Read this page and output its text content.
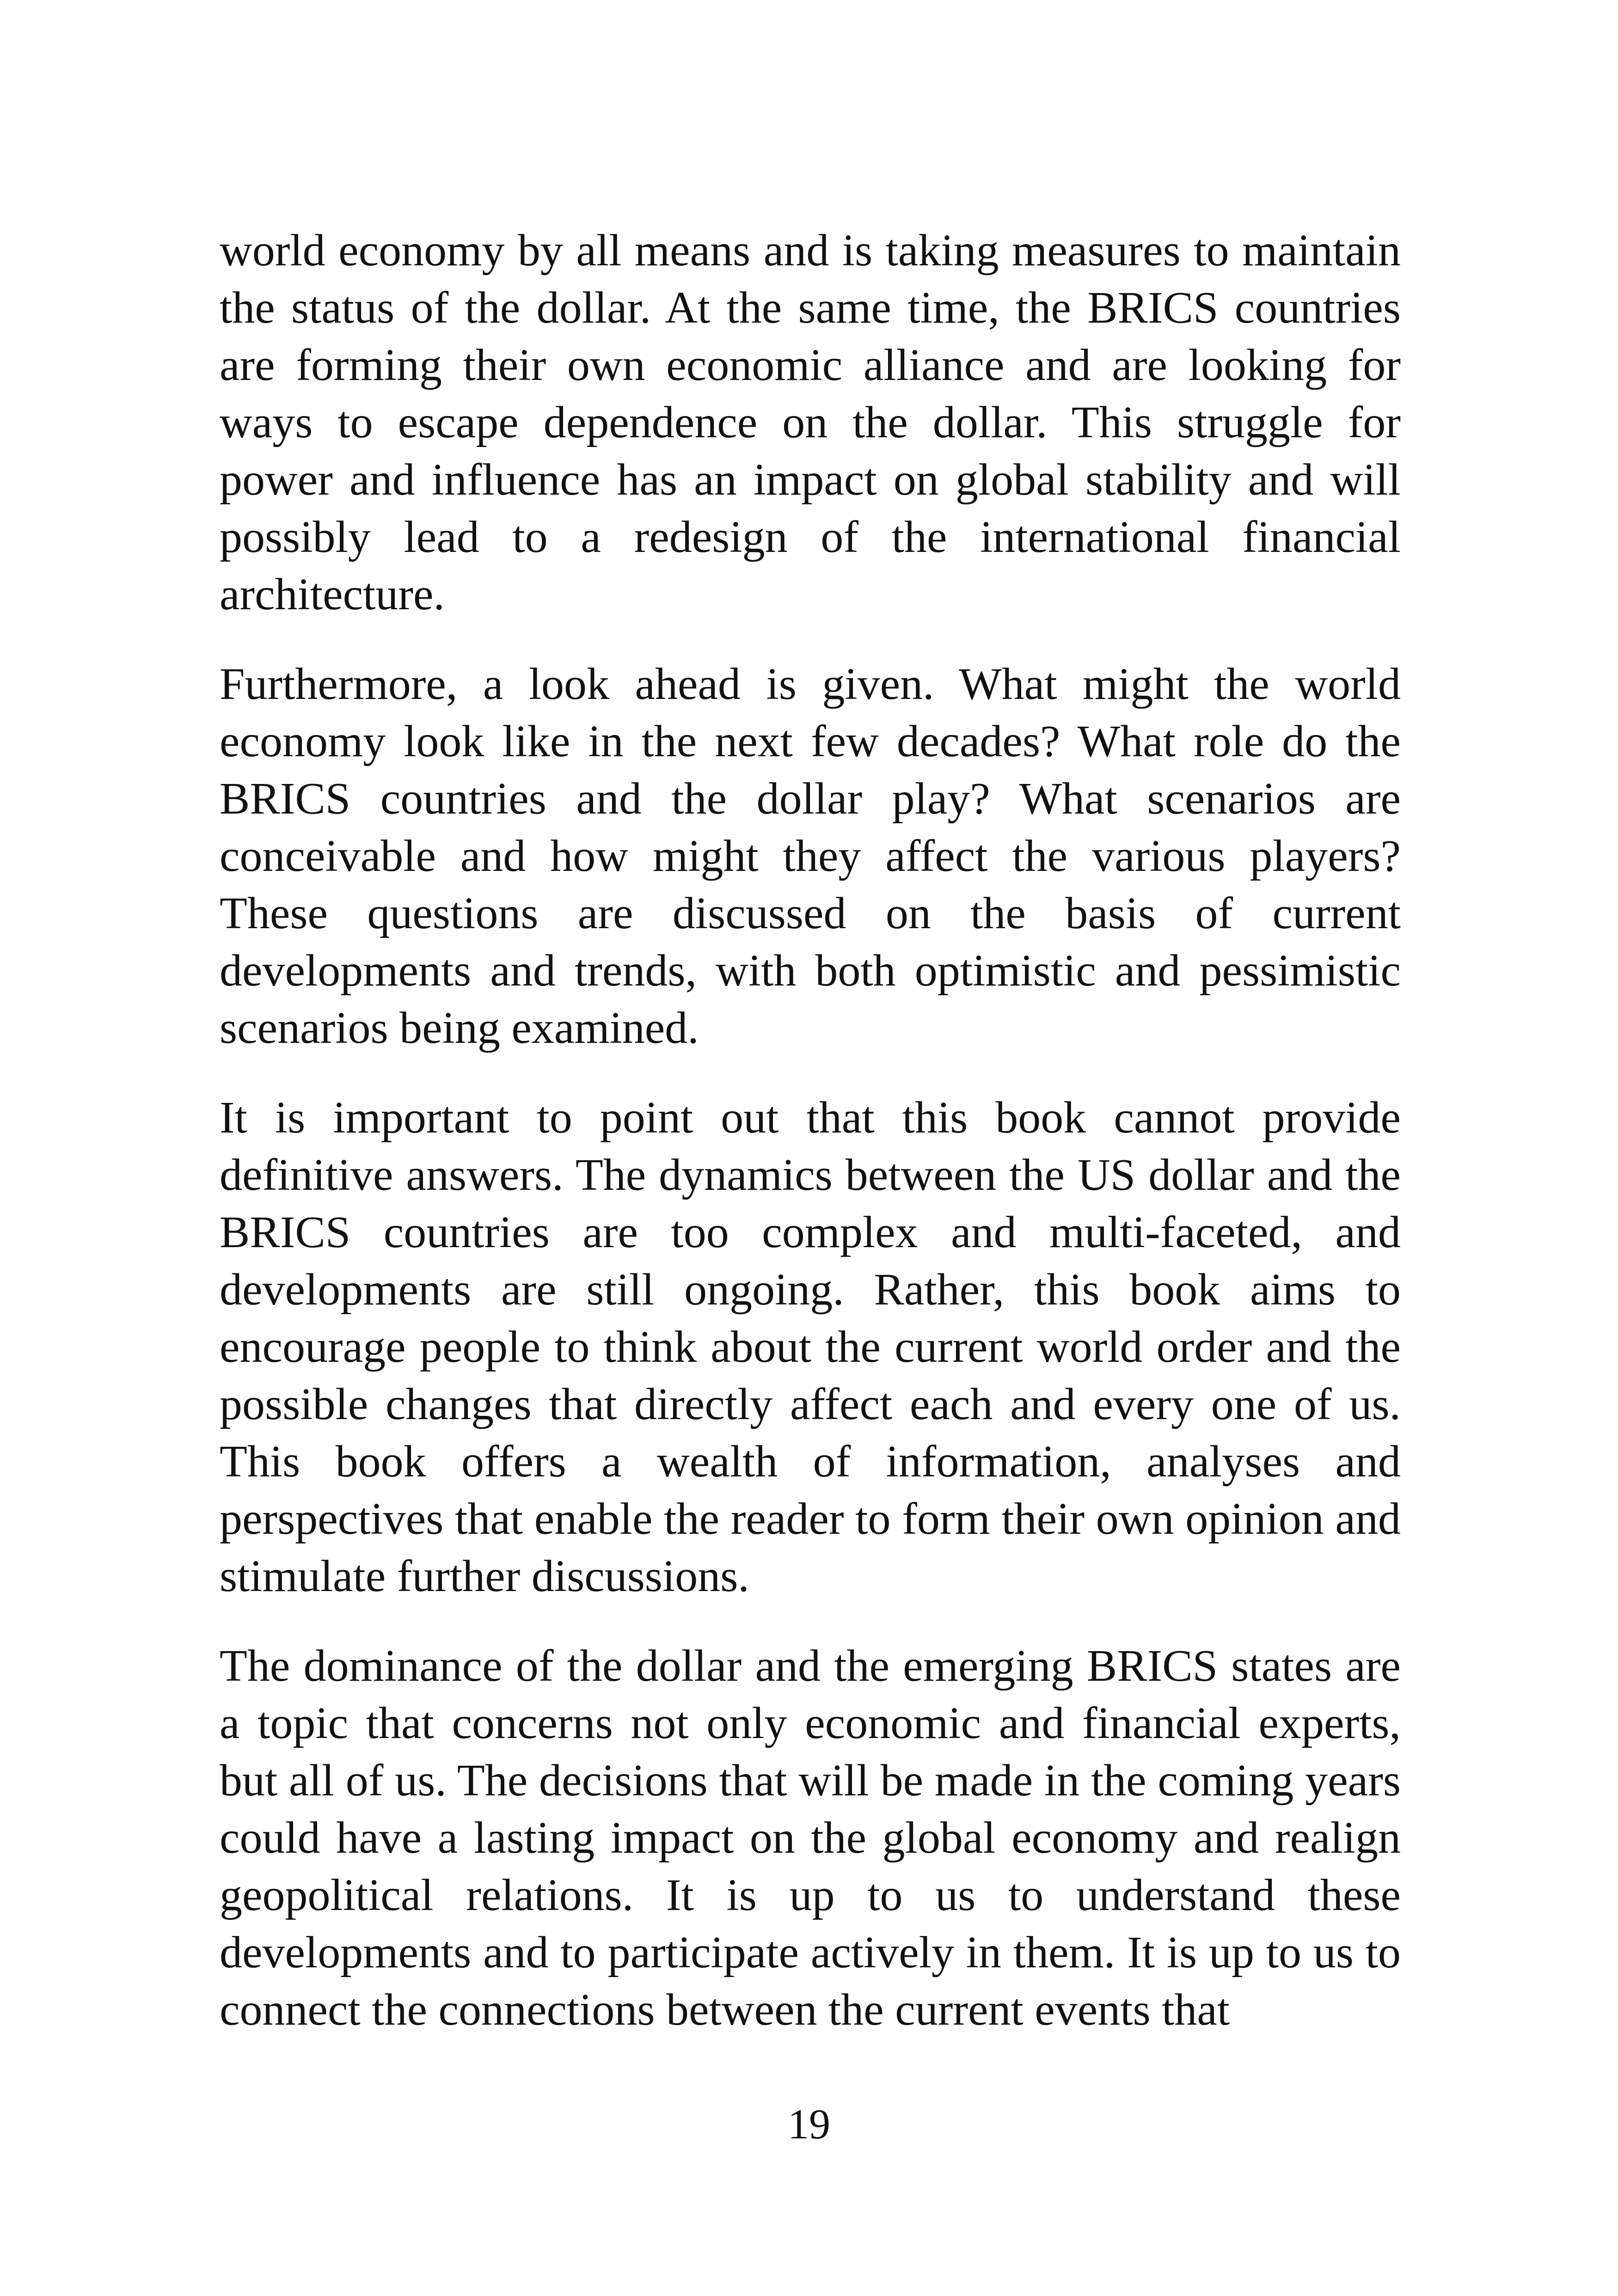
world economy by all means and is taking measures to maintain the status of the dollar. At the same time, the BRICS countries are forming their own economic alliance and are looking for ways to escape dependence on the dollar. This struggle for power and influence has an impact on global stability and will possibly lead to a redesign of the international financial architecture.

Furthermore, a look ahead is given. What might the world economy look like in the next few decades? What role do the BRICS countries and the dollar play? What scenarios are conceivable and how might they affect the various players? These questions are discussed on the basis of current developments and trends, with both optimistic and pessimistic scenarios being examined.

It is important to point out that this book cannot provide definitive answers. The dynamics between the US dollar and the BRICS countries are too complex and multi-faceted, and developments are still ongoing. Rather, this book aims to encourage people to think about the current world order and the possible changes that directly affect each and every one of us. This book offers a wealth of information, analyses and perspectives that enable the reader to form their own opinion and stimulate further discussions.

The dominance of the dollar and the emerging BRICS states are a topic that concerns not only economic and financial experts, but all of us. The decisions that will be made in the coming years could have a lasting impact on the global economy and realign geopolitical relations. It is up to us to understand these developments and to participate actively in them. It is up to us to connect the connections between the current events that

19
